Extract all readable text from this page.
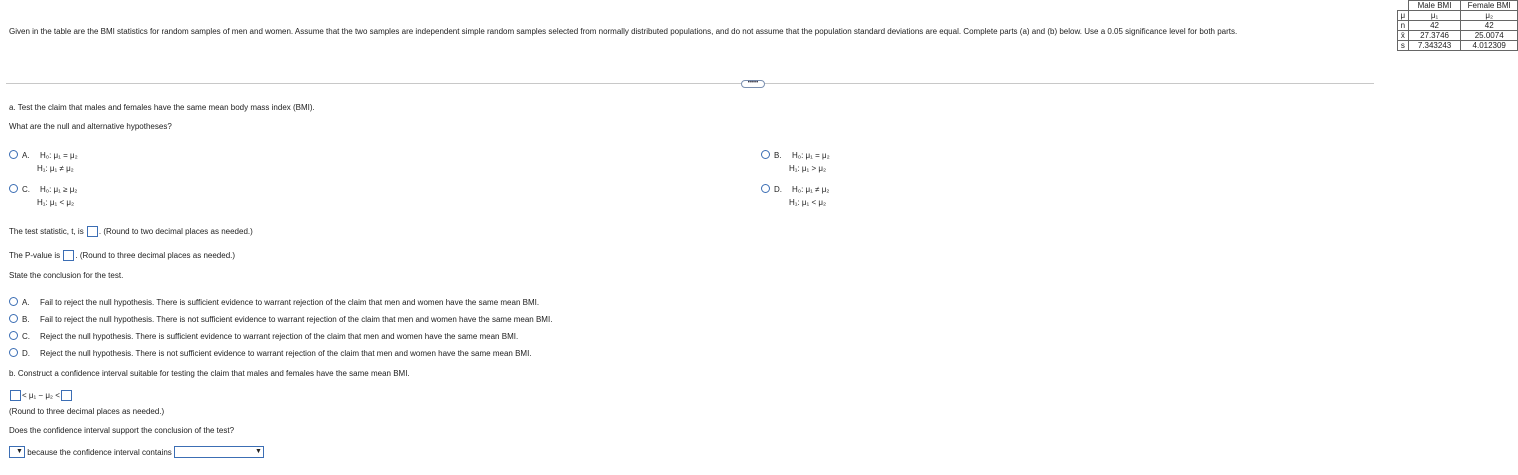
Given in the table are the BMI statistics for random samples of men and women. Assume that the two samples are independent simple random samples selected from normally distributed populations, and do not assume that the population standard deviations are equal. Complete parts (a) and (b) below. Use a 0.05 significance level for both parts.
	Male BMI	Female BMI
μ	μ₁	μ₂
n	42	42
x̄	27.3746	25.0074
s	7.343243	4.012309
•••••
a. Test the claim that males and females have the same mean body mass index (BMI).
What are the null and alternative hypotheses?
A. H₀: μ₁ = μ₂
H₁: μ₁ ≠ μ₂
C. H₀: μ₁ ≥ μ₂
H₁: μ₁ < μ₂
B. H₀: μ₁ = μ₂
H₁: μ₁ > μ₂
D. H₀: μ₁ ≠ μ₂
H₁: μ₁ < μ₂
The test statistic, t, is . (Round to two decimal places as needed.)
The P-value is . (Round to three decimal places as needed.)
State the conclusion for the test.
A. Fail to reject the null hypothesis. There is sufficient evidence to warrant rejection of the claim that men and women have the same mean BMI.
B. Fail to reject the null hypothesis. There is not sufficient evidence to warrant rejection of the claim that men and women have the same mean BMI.
C. Reject the null hypothesis. There is sufficient evidence to warrant rejection of the claim that men and women have the same mean BMI.
D. Reject the null hypothesis. There is not sufficient evidence to warrant rejection of the claim that men and women have the same mean BMI.
b. Construct a confidence interval suitable for testing the claim that males and females have the same mean BMI.
< μ₁ − μ₂ <
(Round to three decimal places as needed.)
Does the confidence interval support the conclusion of the test?
▼ because the confidence interval contains	▼
